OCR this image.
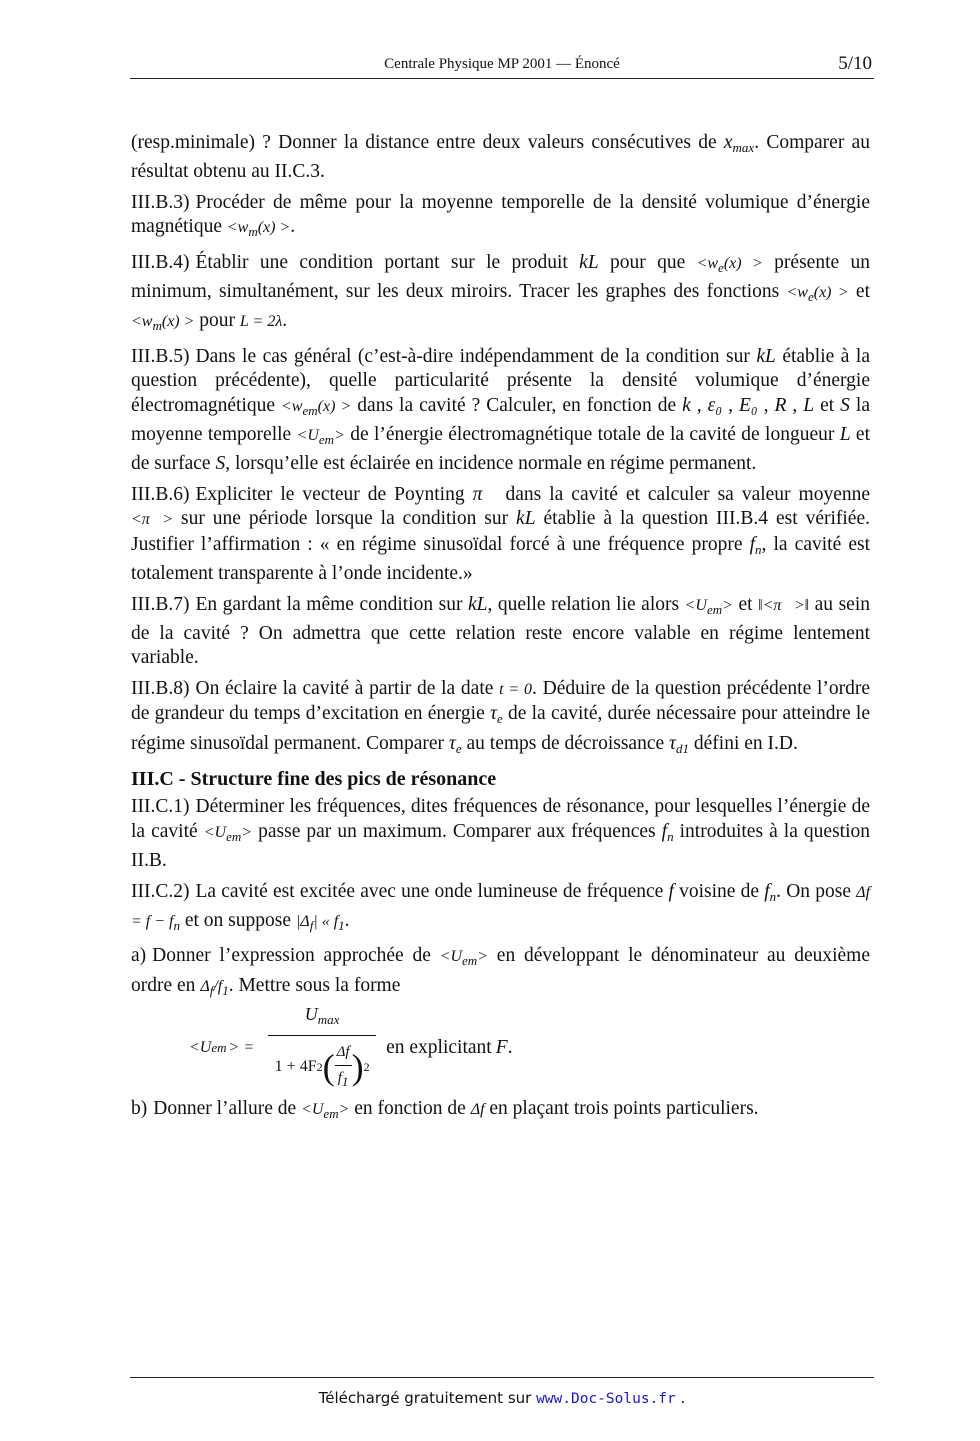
Centrale Physique MP 2001 — Énoncé	5/10

(resp.minimale) ? Donner la distance entre deux valeurs consécutives de $x_{max}$. Comparer au résultat obtenu au II.C.3.

III.B.3) Procéder de même pour la moyenne temporelle de la densité volumique d’énergie magnétique $<w_m(x)$ >.

III.B.4) Établir une condition portant sur le produit kL pour que $<w_e(x)$ > présente un minimum, simultanément, sur les deux miroirs. Tracer les graphes des fonctions $<w_e(x)$ > et $<w_m(x)$ > pour L = 2λ.

III.B.5) Dans le cas général (c’est-à-dire indépendamment de la condition sur kL établie à la question précédente), quelle particularité présente la densité volumique d’énergie électromagnétique $<w_{em}(x)$ > dans la cavité ? Calculer, en fonction de k , ε₀ , E₀ , R , L et S la moyenne temporelle $<U_{em}>$ de l’énergie électromagnétique totale de la cavité de longueur L et de surface S, lorsqu’elle est éclairée en incidence normale en régime permanent.

III.B.6) Expliciter le vecteur de Poynting π⃗ dans la cavité et calculer sa valeur moyenne <π⃗> sur une période lorsque la condition sur kL établie à la question III.B.4 est vérifiée. Justifier l’affirmation : « en régime sinusoïdal forcé à une fréquence propre $f_n$, la cavité est totalement transparente à l’onde incidente.»

III.B.7) En gardant la même condition sur kL, quelle relation lie alors $<U_{em}>$ et ‖<π⃗>‖ au sein de la cavité ? On admettra que cette relation reste encore valable en régime lentement variable.

III.B.8) On éclaire la cavité à partir de la date t = 0. Déduire de la question précédente l’ordre de grandeur du temps d’excitation en énergie $\tau_e$ de la cavité, durée nécessaire pour atteindre le régime sinusoïdal permanent. Comparer $\tau_e$ au temps de décroissance $\tau_{d1}$ défini en I.D.

III.C - Structure fine des pics de résonance

III.C.1) Déterminer les fréquences, dites fréquences de résonance, pour lesquelles l’énergie de la cavité $<U_{em}>$ passe par un maximum. Comparer aux fréquences $f_n$ introduites à la question II.B.

III.C.2) La cavité est excitée avec une onde lumineuse de fréquence f voisine de $f_n$. On pose $\Delta f = f - f_n$ et on suppose $|\Delta_f|$ « $f_1$.

a) Donner l’expression approchée de $<U_{em}>$ en développant le dénominateur au deuxième ordre en $\Delta_f/f_1$. Mettre sous la forme

<U em > =
$U_{max}$
1 + 4F 2 ( Δf
f1 ) 2
en explicitant F .

b) Donner l’allure de $<U_{em}>$ en fonction de Δf en plaçant trois points particuliers.

Téléchargé gratuitement sur www.Doc-Solus.fr .
